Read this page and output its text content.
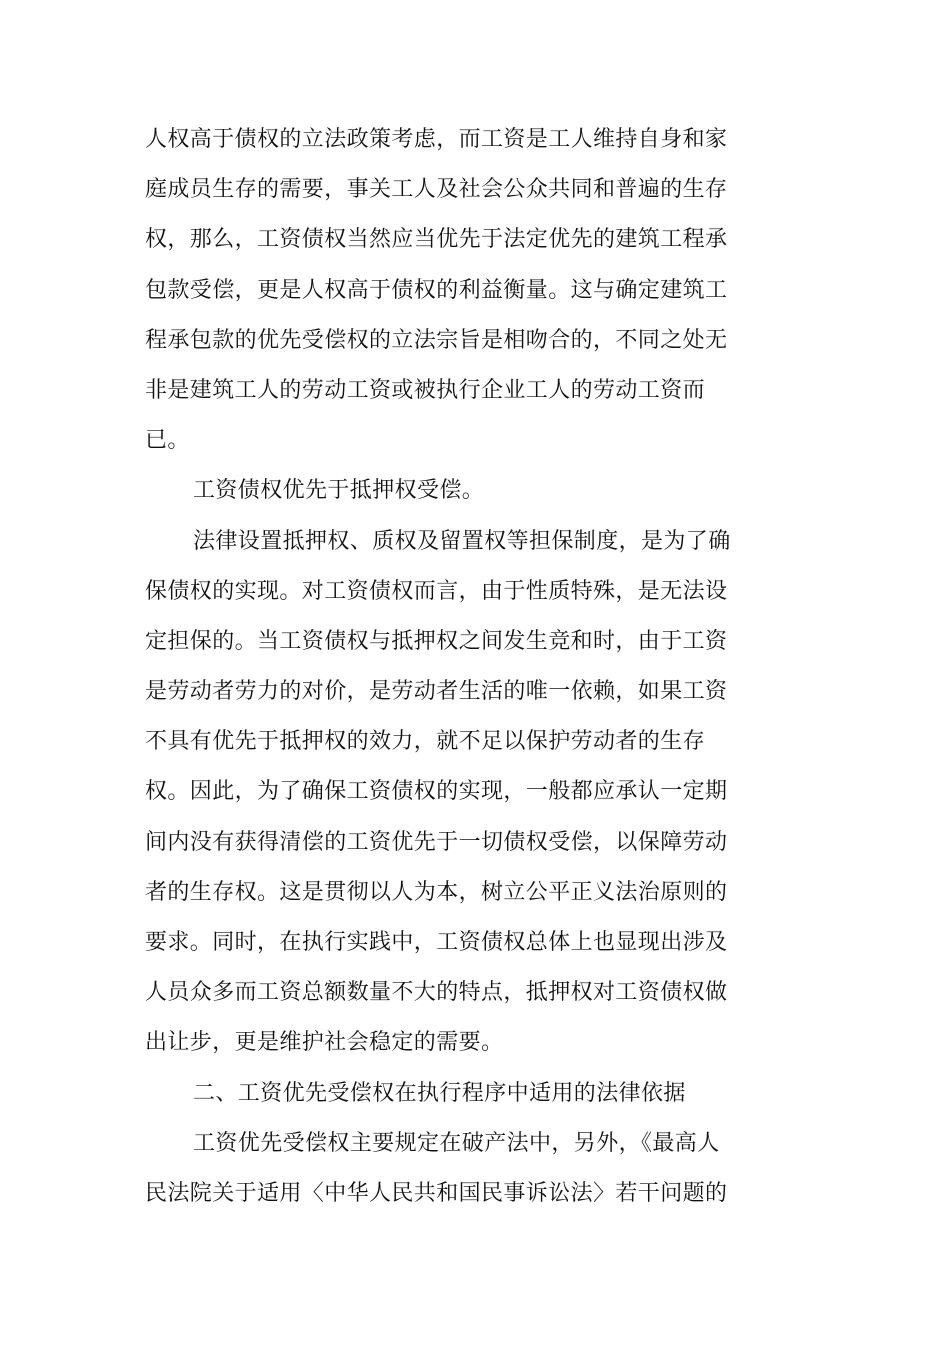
人权高于债权的立法政策考虑，而工资是工人维持自身和家
庭成员生存的需要，事关工人及社会公众共同和普遍的生存
权，那么，工资债权当然应当优先于法定优先的建筑工程承
包款受偿，更是人权高于债权的利益衡量。这与确定建筑工
程承包款的优先受偿权的立法宗旨是相吻合的，不同之处无
非是建筑工人的劳动工资或被执行企业工人的劳动工资而
已。
工资债权优先于抵押权受偿。
法律设置抵押权、质权及留置权等担保制度，是为了确
保债权的实现。对工资债权而言，由于性质特殊，是无法设
定担保的。当工资债权与抵押权之间发生竞和时，由于工资
是劳动者劳力的对价，是劳动者生活的唯一依赖，如果工资
不具有优先于抵押权的效力，就不足以保护劳动者的生存
权。因此，为了确保工资债权的实现，一般都应承认一定期
间内没有获得清偿的工资优先于一切债权受偿，以保障劳动
者的生存权。这是贯彻以人为本，树立公平正义法治原则的
要求。同时，在执行实践中，工资债权总体上也显现出涉及
人员众多而工资总额数量不大的特点，抵押权对工资债权做
出让步，更是维护社会稳定的需要。
二、工资优先受偿权在执行程序中适用的法律依据
工资优先受偿权主要规定在破产法中，另外，《最高人
民法院关于适用〈中华人民共和国民事诉讼法〉若干问题的
